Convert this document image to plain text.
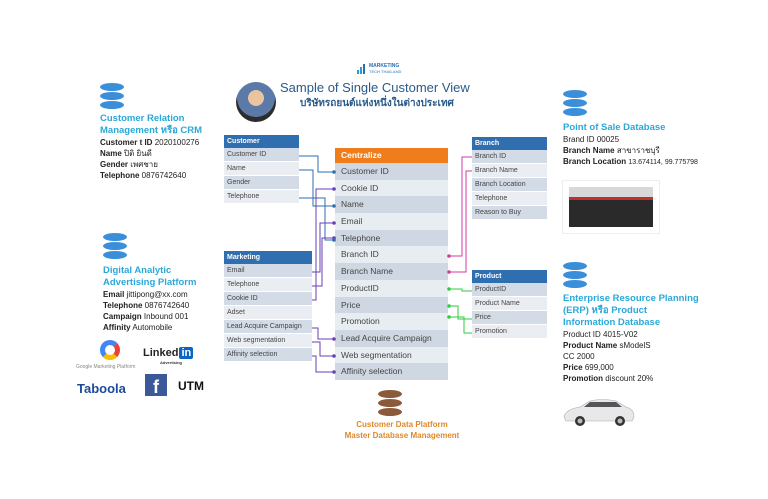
MARKETING
TECH THAILAND
Sample of Single Customer View
บริษัทรถยนต์แห่งหนึ่งในต่างประเทศ
Customer Relation
Management หรือ CRM
Customer t ID 2020100276
Name ปิติ ยินดี
Gender เพศชาย
Telephone 0876742640
Digital Analytic
Advertising Platform
Email jittipong@xx.com
Telephone 0876742640
Campaign Inbound 001
Affinity Automobile
Google Marketing Platform
Linked in
Advertising
Taboola	f	UTM
Customer
Customer ID
Name
Gender
Telephone
Marketing
Email
Telephone
Cookie ID
Adset
Lead Acquire Campaign
Web segmentation
Affinity selection
Centralize
Customer ID
Cookie ID
Name
Email
Telephone
Branch ID
Branch Name
ProductID
Price
Promotion
Lead Acquire Campaign
Web segmentation
Affinity selection
Branch
Branch ID
Branch Name
Branch Location
Telephone
Reason to Buy
Product
ProductID
Product Name
Price
Promotion
Point of Sale Database
Brand ID 00025
Branch Name สาขาราชบุรี
Branch Location 13.674114, 99.775798
Enterprise Resource Planning
(ERP) หรือ Product
Information Database
Product ID 4015-V02
Product Name sModelS
CC 2000
Price 699,000
Promotion discount 20%
Customer Data Platform
Master Database Management
